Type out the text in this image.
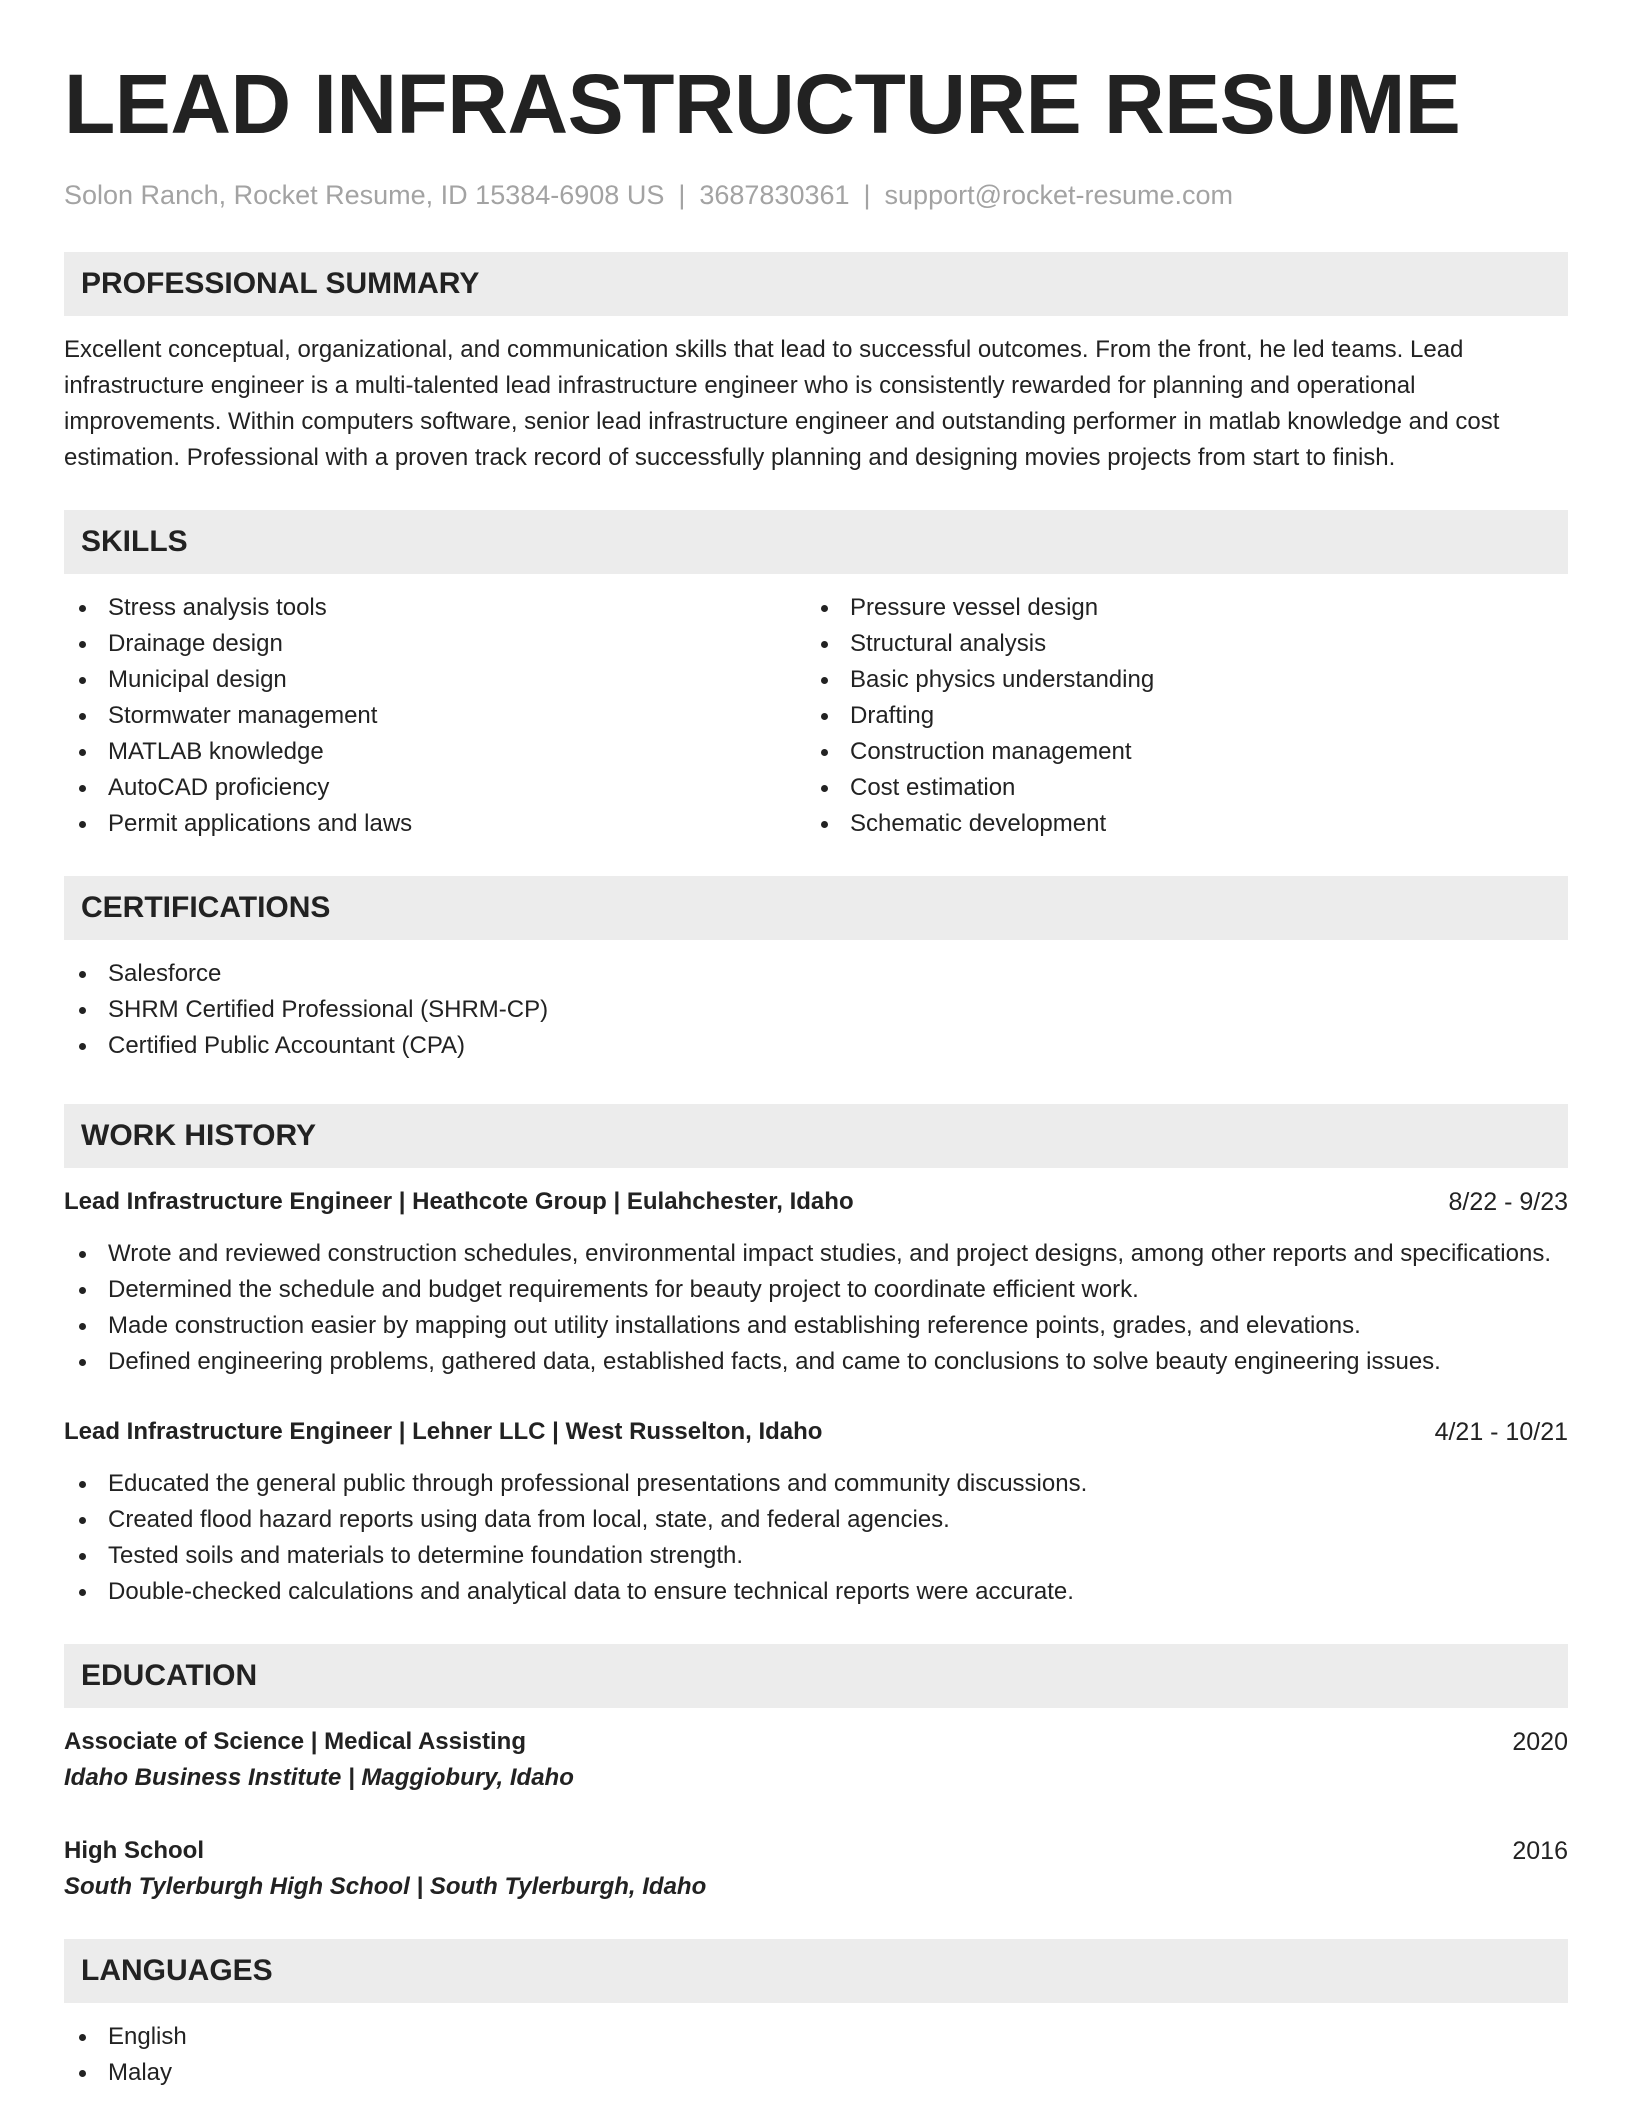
LEAD INFRASTRUCTURE RESUME
Solon Ranch, Rocket Resume, ID 15384-6908 US | 3687830361 | support@rocket-resume.com
PROFESSIONAL SUMMARY

Excellent conceptual, organizational, and communication skills that lead to successful outcomes. From the front, he led teams. Lead infrastructure engineer is a multi-talented lead infrastructure engineer who is consistently rewarded for planning and operational improvements. Within computers software, senior lead infrastructure engineer and outstanding performer in matlab knowledge and cost estimation. Professional with a proven track record of successfully planning and designing movies projects from start to finish.

SKILLS
Stress analysis tools
Drainage design
Municipal design
Stormwater management
MATLAB knowledge
AutoCAD proficiency
Permit applications and laws
Pressure vessel design
Structural analysis
Basic physics understanding
Drafting
Construction management
Cost estimation
Schematic development
CERTIFICATIONS
Salesforce
SHRM Certified Professional (SHRM-CP)
Certified Public Accountant (CPA)
WORK HISTORY
Lead Infrastructure Engineer | Heathcote Group | Eulahchester, Idaho	8/22 - 9/23
Wrote and reviewed construction schedules, environmental impact studies, and project designs, among other reports and specifications.
Determined the schedule and budget requirements for beauty project to coordinate efficient work.
Made construction easier by mapping out utility installations and establishing reference points, grades, and elevations.
Defined engineering problems, gathered data, established facts, and came to conclusions to solve beauty engineering issues.
Lead Infrastructure Engineer | Lehner LLC | West Russelton, Idaho	4/21 - 10/21
Educated the general public through professional presentations and community discussions.
Created flood hazard reports using data from local, state, and federal agencies.
Tested soils and materials to determine foundation strength.
Double-checked calculations and analytical data to ensure technical reports were accurate.
EDUCATION
Associate of Science | Medical Assisting	2020
Idaho Business Institute | Maggiobury, Idaho
High School	2016
South Tylerburgh High School | South Tylerburgh, Idaho
LANGUAGES
English
Malay
